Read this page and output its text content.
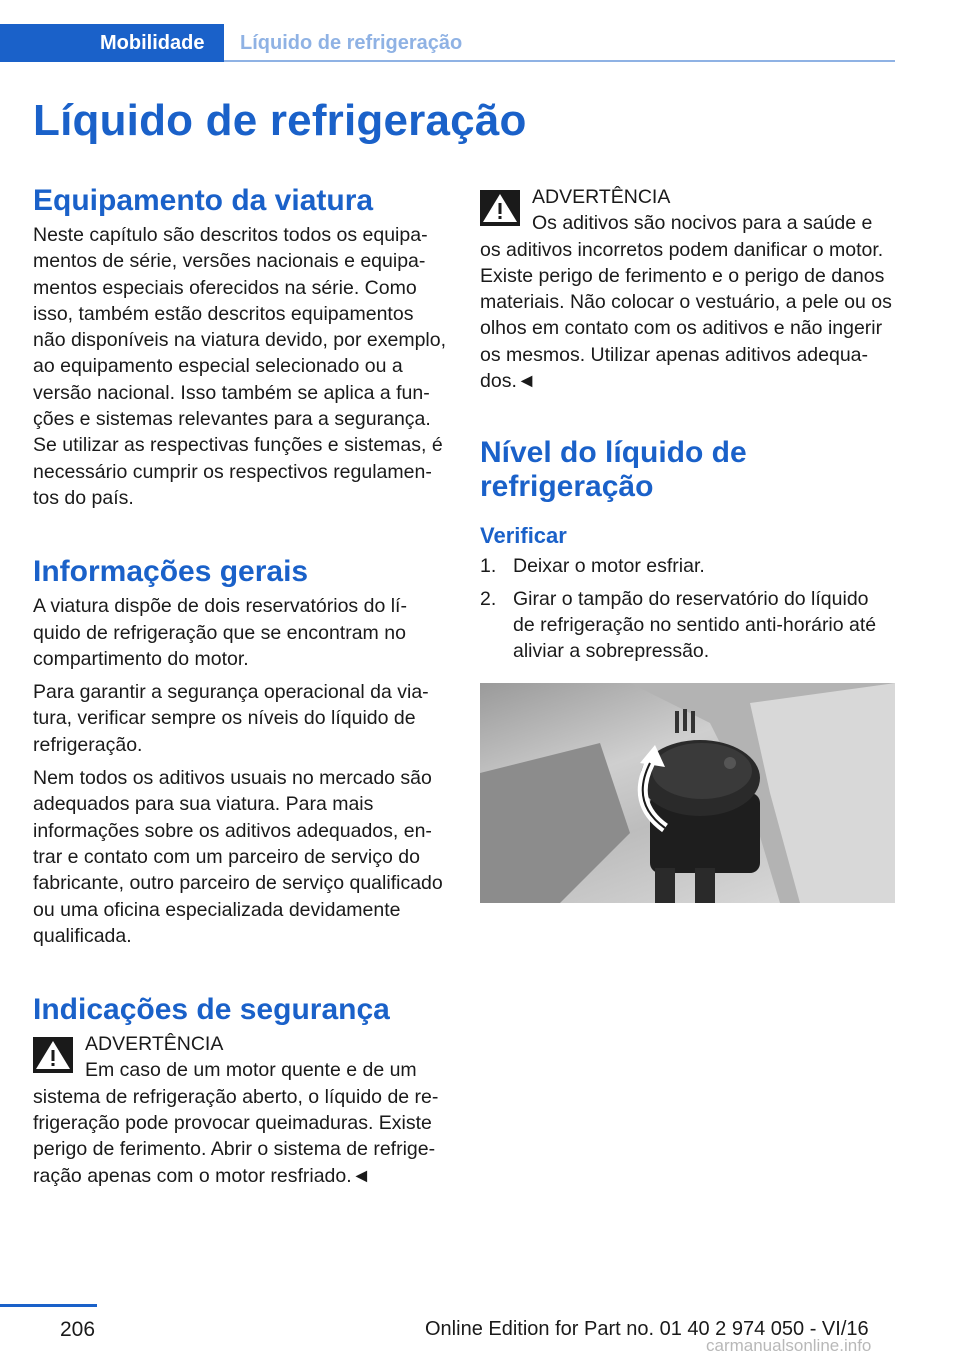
Mobilidade	Líquido de refrigeração
Líquido de refrigeração
Equipamento da viatura

Neste capítulo são descritos todos os equipamentos de série, versões nacionais e equipamentos especiais oferecidos na série. Como isso, também estão descritos equipamentos não disponíveis na viatura devido, por exemplo, ao equipamento especial selecionado ou a versão nacional. Isso também se aplica a funções e sistemas relevantes para a segurança. Se utilizar as respectivas funções e sistemas, é necessário cumprir os respectivos regulamentos do país.

Informações gerais

A viatura dispõe de dois reservatórios do líquido de refrigeração que se encontram no compartimento do motor.

Para garantir a segurança operacional da viatura, verificar sempre os níveis do líquido de refrigeração.

Nem todos os aditivos usuais no mercado são adequados para sua viatura. Para mais informações sobre os aditivos adequados, entrar e contato com um parceiro de serviço do fabricante, outro parceiro de serviço qualificado ou uma oficina especializada devidamente qualificada.

Indicações de segurança
ADVERTÊNCIA
Em caso de um motor quente e de um
sistema de refrigeração aberto, o líquido de refrigeração pode provocar queimaduras. Existe perigo de ferimento. Abrir o sistema de refrigeração apenas com o motor resfriado.◄
ADVERTÊNCIA
Os aditivos são nocivos para a saúde e
os aditivos incorretos podem danificar o motor. Existe perigo de ferimento e o perigo de danos materiais. Não colocar o vestuário, a pele ou os olhos em contato com os aditivos e não ingerir os mesmos. Utilizar apenas aditivos adequados.◄
Nível do líquido de refrigeração
Verificar
1. Deixar o motor esfriar.
2. Girar o tampão do reservatório do líquido de refrigeração no sentido anti-horário até aliviar a sobrepressão.
206	Online Edition for Part no. 01 40 2 974 050 - VI/16
carmanualsonline.info
